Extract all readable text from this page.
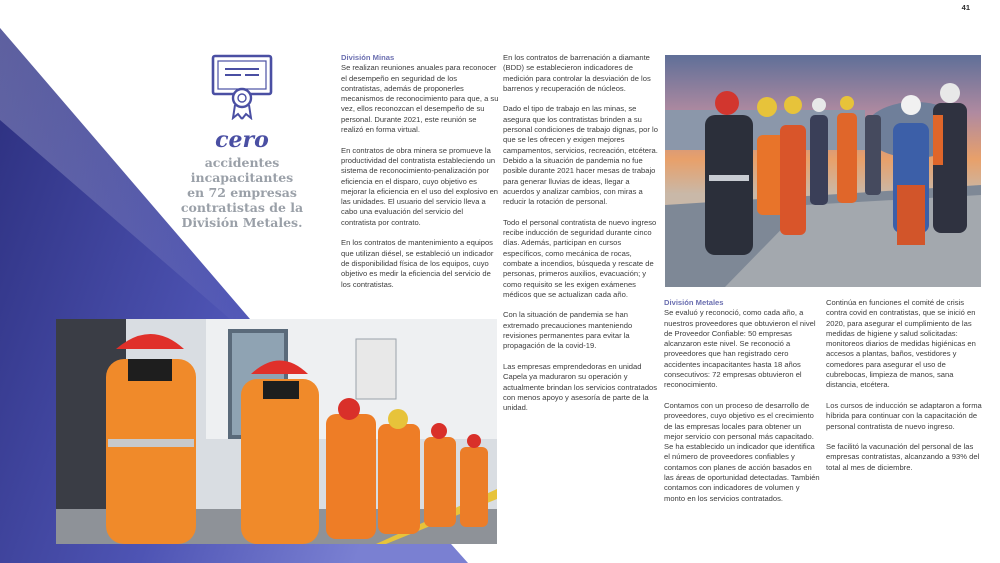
41
cero
accidentes incapacitantes
en 72 empresas
contratistas de la
División Metales.
División Minas

Se realizan reuniones anuales para reconocer el desempeño en seguridad de los contratistas, además de proponerles mecanismos de reconocimiento para que, a su vez, ellos reconozcan el desempeño de su personal. Durante 2021, este reunión se realizó en forma virtual.

En contratos de obra minera se promueve la productividad del contratista estableciendo un sistema de reconocimiento-penalización por eficiencia en el disparo, cuyo objetivo es mejorar la eficiencia en el uso del explosivo en las unidades. El usuario del servicio lleva a cabo una evaluación del servicio del contratista por contrato.

En los contratos de mantenimiento a equipos que utilizan diésel, se estableció un indicador de disponibilidad física de los equipos, cuyo objetivo es medir la eficiencia del servicio de los contratistas.

En los contratos de barrenación a diamante (BDD) se establecieron indicadores de medición para controlar la desviación de los barrenos y recuperación de núcleos.

Dado el tipo de trabajo en las minas, se asegura que los contratistas brinden a su personal condiciones de trabajo dignas, por lo que se les ofrecen y exigen mejores campamentos, servicios, recreación, etcétera. Debido a la situación de pandemia no fue posible durante 2021 hacer mesas de trabajo para generar lluvias de ideas, llegar a acuerdos y analizar cambios, con miras a reducir la rotación de personal.

Todo el personal contratista de nuevo ingreso recibe inducción de seguridad durante cinco días. Además, participan en cursos específicos, como mecánica de rocas, combate a incendios, búsqueda y rescate de personas, primeros auxilios, evacuación; y como requisito se les exigen exámenes médicos que se actualizan cada año.

Con la situación de pandemia se han extremado precauciones manteniendo revisiones permanentes para evitar la propagación de la covid-19.

Las empresas emprendedoras en unidad Capela ya maduraron su operación y actualmente brindan los servicios contratados con menos apoyo y asesoría de parte de la unidad.

División Metales

Se evaluó y reconoció, como cada año, a nuestros proveedores que obtuvieron el nivel de Proveedor Confiable: 50 empresas alcanzaron este nivel. Se reconoció a proveedores que han registrado cero accidentes incapacitantes hasta 18 años consecutivos: 72 empresas obtuvieron el reconocimiento.

Contamos con un proceso de desarrollo de proveedores, cuyo objetivo es el crecimiento de las empresas locales para obtener un mejor servicio con personal más capacitado. Se ha establecido un indicador que identifica el número de proveedores confiables y contamos con planes de acción basados en las áreas de oportunidad detectadas. También contamos con indicadores de volumen y monto en los servicios contratados.

Continúa en funciones el comité de crisis contra covid en contratistas, que se inició en 2020, para asegurar el cumplimiento de las medidas de higiene y salud solicitadas: monitoreos diarios de medidas higiénicas en accesos a plantas, baños, vestidores y comedores para asegurar el uso de cubrebocas, limpieza de manos, sana distancia, etcétera.

Los cursos de inducción se adaptaron a forma híbrida para continuar con la capacitación de personal contratista de nuevo ingreso.

Se facilitó la vacunación del personal de las empresas contratistas, alcanzando a 93% del total al mes de diciembre.
